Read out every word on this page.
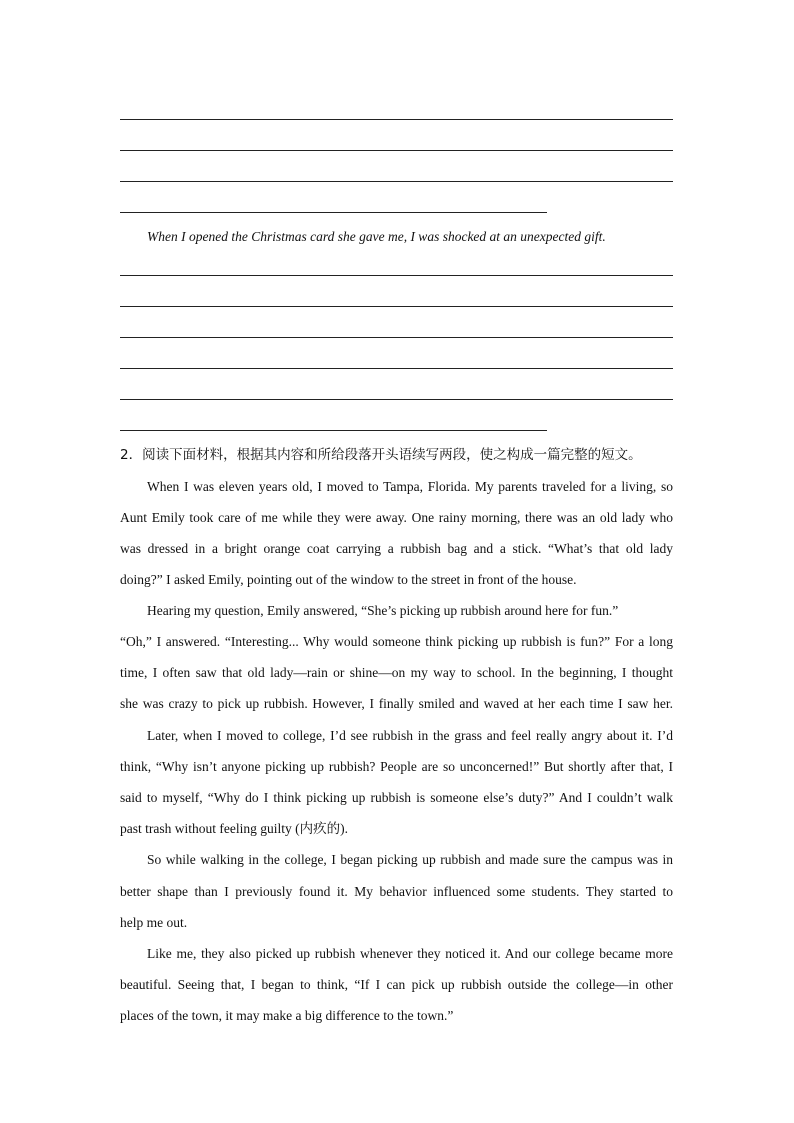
When I opened the Christmas card she gave me, I was shocked at an unexpected gift.
2．阅读下面材料，根据其内容和所给段落开头语续写两段，使之构成一篇完整的短文。
When I was eleven years old, I moved to Tampa, Florida. My parents traveled for a living, so
Aunt Emily took care of me while they were away. One rainy morning, there was an old lady who
was dressed in a bright orange coat carrying a rubbish bag and a stick. “What’s that old lady
doing?” I asked Emily, pointing out of the window to the street in front of the house.
Hearing my question, Emily answered, “She’s picking up rubbish around here for fun.”
“Oh,” I answered. “Interesting... Why would someone think picking up rubbish is fun?” For a long
time, I often saw that old lady—rain or shine—on my way to school. In the beginning, I thought
she was crazy to pick up rubbish. However, I finally smiled and waved at her each time I saw her.
Later, when I moved to college, I’d see rubbish in the grass and feel really angry about it. I’d
think, “Why isn’t anyone picking up rubbish? People are so unconcerned!” But shortly after that, I
said to myself, “Why do I think picking up rubbish is someone else’s duty?” And I couldn’t walk
past trash without feeling guilty (内疚的).
So while walking in the college, I began picking up rubbish and made sure the campus was in
better shape than I previously found it. My behavior influenced some students. They started to
help me out.
Like me, they also picked up rubbish whenever they noticed it. And our college became more
beautiful. Seeing that, I began to think, “If I can pick up rubbish outside the college—in other
places of the town, it may make a big difference to the town.”
